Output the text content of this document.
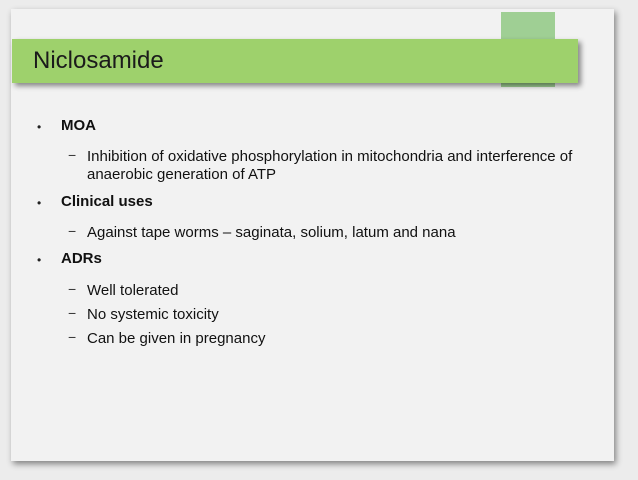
Niclosamide
• MOA
− Inhibition of oxidative phosphorylation in mitochondria and interference of anaerobic generation of ATP
• Clinical uses
− Against tape worms – saginata, solium, latum and nana
• ADRs
− Well tolerated
− No systemic toxicity
− Can be given in pregnancy
